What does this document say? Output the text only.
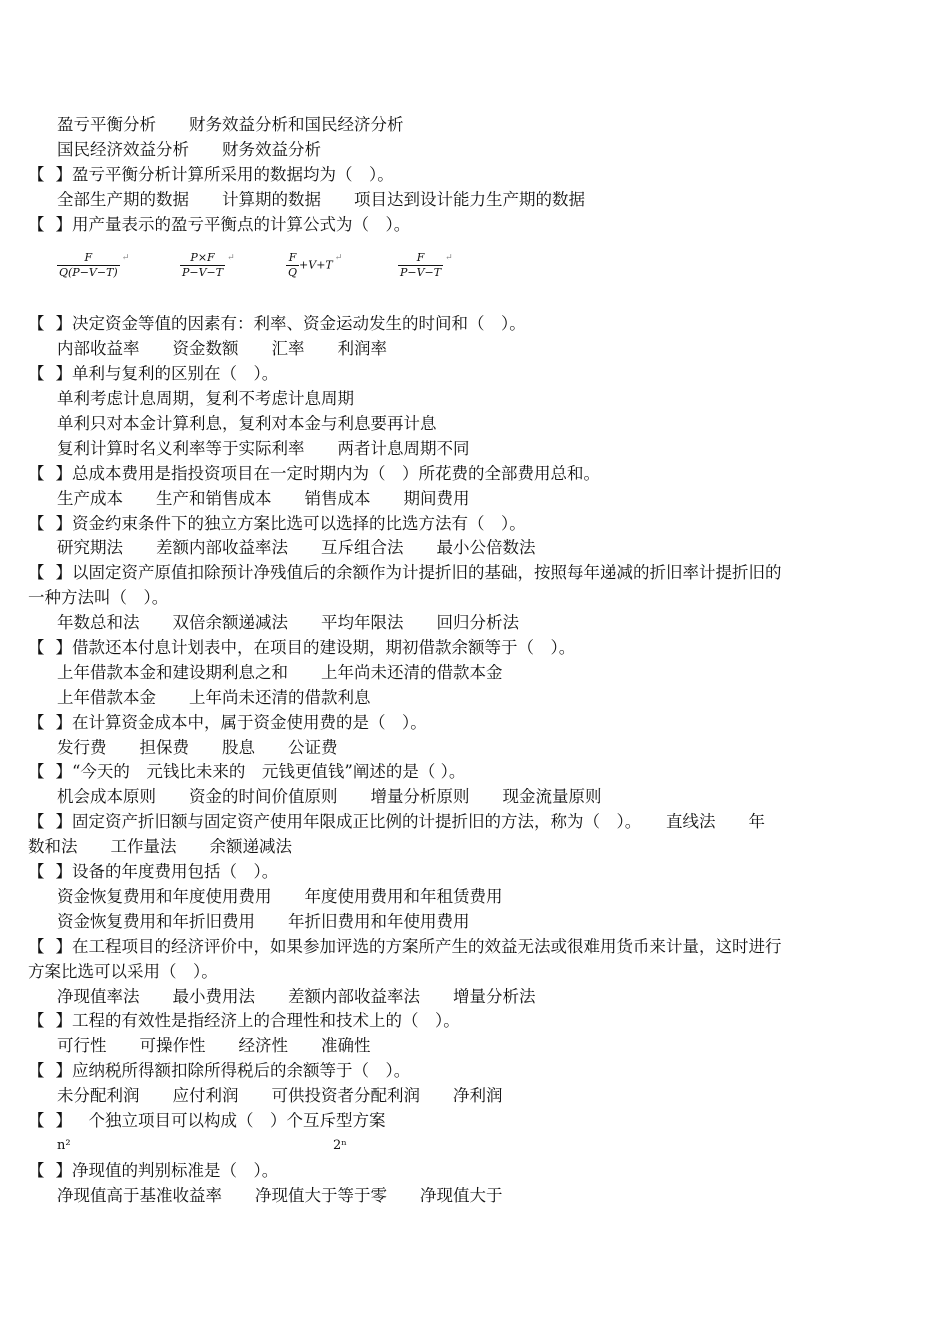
盈亏平衡分析　　财务效益分析和国民经济分析
国民经济效益分析　　财务效益分析
【 】盈亏平衡分析计算所采用的数据均为（　）。
全部生产期的数据　　计算期的数据　　项目达到设计能力生产期的数据
【 】用产量表示的盈亏平衡点的计算公式为（　）。
$\frac{F}{Q(P-V-T)} ^↵$	$\frac{P\times F}{P-V-T} ^↵$	$\frac{F}{Q} +V+T^↵$	$\frac{F}{P-V-T} ^↵$
【 】决定资金等值的因素有：利率、资金运动发生的时间和（　）。
内部收益率　　资金数额　　汇率　　利润率
【 】单利与复利的区别在（　）。
单利考虑计息周期，复利不考虑计息周期
单利只对本金计算利息，复利对本金与利息要再计息
复利计算时名义利率等于实际利率　　两者计息周期不同
【 】总成本费用是指投资项目在一定时期内为（　）所花费的全部费用总和。
生产成本　　生产和销售成本　　销售成本　　期间费用
【 】资金约束条件下的独立方案比选可以选择的比选方法有（　）。
研究期法　　差额内部收益率法　　互斥组合法　　最小公倍数法
【 】以固定资产原值扣除预计净残值后的余额作为计提折旧的基础，按照每年递减的折旧率计提折旧的
一种方法叫（　）。
年数总和法　　双倍余额递减法　　平均年限法　　回归分析法
【 】借款还本付息计划表中，在项目的建设期，期初借款余额等于（　）。
上年借款本金和建设期利息之和　　上年尚未还清的借款本金
上年借款本金　　上年尚未还清的借款利息
【 】在计算资金成本中，属于资金使用费的是（　）。
发行费　　担保费　　股息　　公证费
【 】“今天的　元钱比未来的　元钱更值钱”阐述的是（ ）。
机会成本原则　　资金的时间价值原则　　增量分析原则　　现金流量原则
【 】固定资产折旧额与固定资产使用年限成正比例的计提折旧的方法，称为（　）。　　直线法　　年
数和法　　工作量法　　余额递减法
【 】设备的年度费用包括（　）。
资金恢复费用和年度使用费用　　年度使用费用和年租赁费用
资金恢复费用和年折旧费用　　年折旧费用和年使用费用
【 】在工程项目的经济评价中，如果参加评选的方案所产生的效益无法或很难用货币来计量，这时进行
方案比选可以采用（　）。
净现值率法　　最小费用法　　差额内部收益率法　　增量分析法
【 】工程的有效性是指经济上的合理性和技术上的（　）。
可行性　　可操作性　　经济性　　准确性
【 】应纳税所得额扣除所得税后的余额等于（　）。
未分配利润　　应付利润　　可供投资者分配利润　　净利润
【 】　个独立项目可以构成（　）个互斥型方案
n²	2ⁿ
【 】净现值的判别标准是（　）。
净现值高于基准收益率　　净现值大于等于零　　净现值大于
